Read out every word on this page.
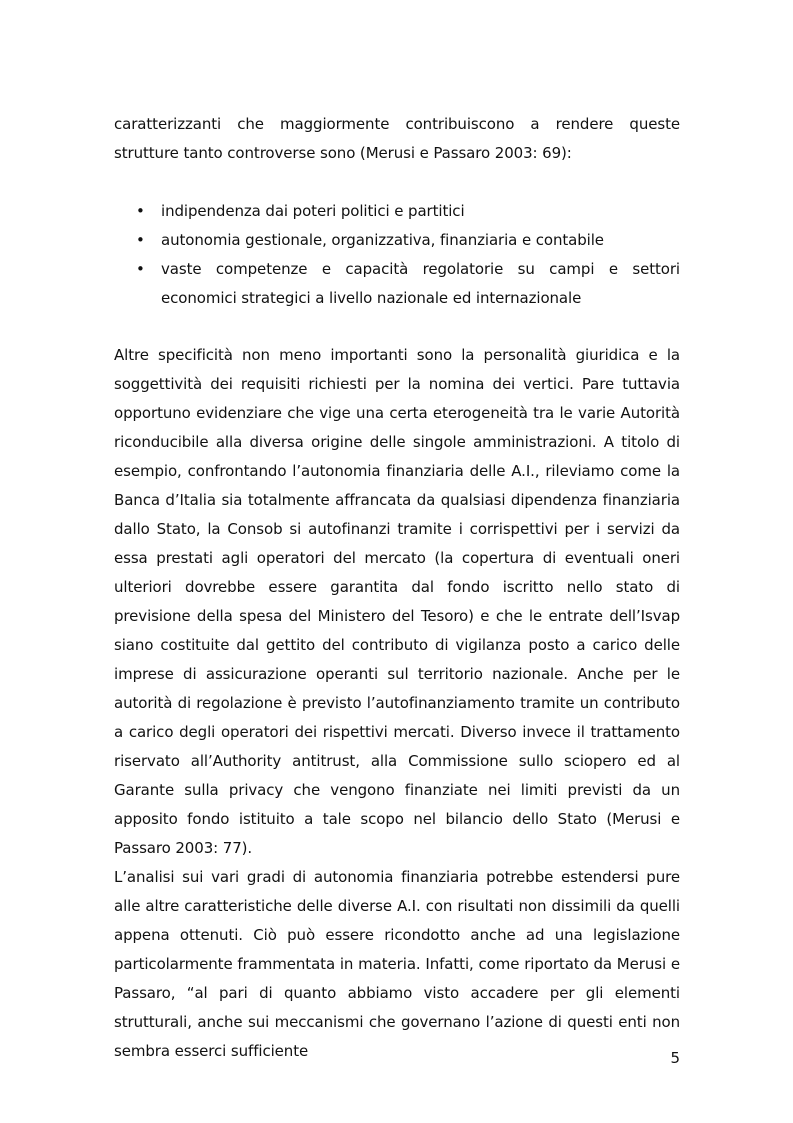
caratterizzanti che maggiormente contribuiscono a rendere queste strutture tanto controverse sono (Merusi e Passaro 2003: 69):

• indipendenza dai poteri politici e partitici
• autonomia gestionale, organizzativa, finanziaria e contabile
• vaste competenze e capacità regolatorie su campi e settori economici strategici a livello nazionale ed internazionale

Altre specificità non meno importanti sono la personalità giuridica e la soggettività dei requisiti richiesti per la nomina dei vertici. Pare tuttavia opportuno evidenziare che vige una certa eterogeneità tra le varie Autorità riconducibile alla diversa origine delle singole amministrazioni. A titolo di esempio, confrontando l’autonomia finanziaria delle A.I., rileviamo come la Banca d’Italia sia totalmente affrancata da qualsiasi dipendenza finanziaria dallo Stato, la Consob si autofinanzi tramite i corrispettivi per i servizi da essa prestati agli operatori del mercato (la copertura di eventuali oneri ulteriori dovrebbe essere garantita dal fondo iscritto nello stato di previsione della spesa del Ministero del Tesoro) e che le entrate dell’Isvap siano costituite dal gettito del contributo di vigilanza posto a carico delle imprese di assicurazione operanti sul territorio nazionale. Anche per le autorità di regolazione è previsto l’autofinanziamento tramite un contributo a carico degli operatori dei rispettivi mercati. Diverso invece il trattamento riservato all’Authority antitrust, alla Commissione sullo sciopero ed al Garante sulla privacy che vengono finanziate nei limiti previsti da un apposito fondo istituito a tale scopo nel bilancio dello Stato (Merusi e Passaro 2003: 77).

L’analisi sui vari gradi di autonomia finanziaria potrebbe estendersi pure alle altre caratteristiche delle diverse A.I. con risultati non dissimili da quelli appena ottenuti. Ciò può essere ricondotto anche ad una legislazione particolarmente frammentata in materia. Infatti, come riportato da Merusi e Passaro, “al pari di quanto abbiamo visto accadere per gli elementi strutturali, anche sui meccanismi che governano l’azione di questi enti non sembra esserci sufficiente	5
